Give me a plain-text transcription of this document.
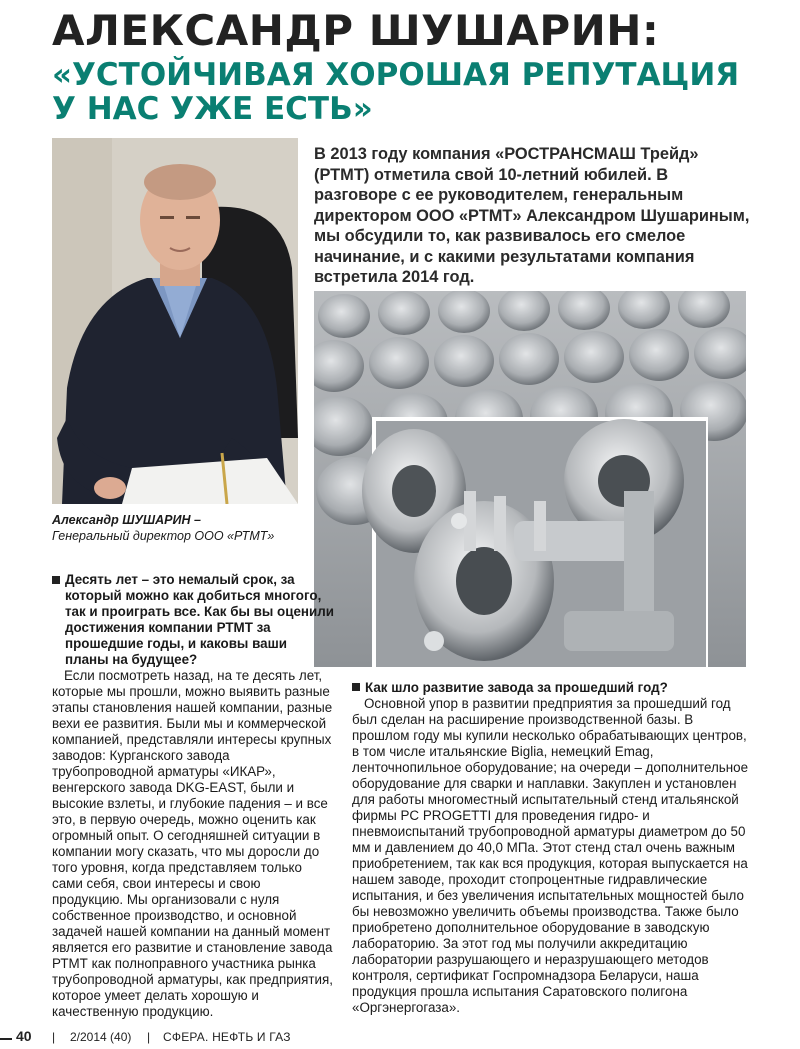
АЛЕКСАНДР ШУШАРИН:
«УСТОЙЧИВАЯ ХОРОШАЯ РЕПУТАЦИЯ
У НАС УЖЕ ЕСТЬ»

В 2013 году компания «РОСТРАНСМАШ Трейд» (РТМТ) отметила свой 10-летний юбилей. В разговоре с ее руководителем, генеральным директором ООО «РТМТ» Александром Шушариным, мы обсудили то, как развивалось его смелое начинание, и с какими результатами компания встретила 2014 год.

Александр ШУШАРИН –
Генеральный директор ООО «РТМТ»

Десять лет – это немалый срок, за который можно как добиться многого, так и проиграть все. Как бы вы оценили достижения компании РТМТ за прошедшие годы, и каковы ваши планы на будущее?

Если посмотреть назад, на те десять лет, которые мы прошли, можно выявить разные этапы становления нашей компании, разные вехи ее развития. Были мы и коммерческой компанией, представляли интересы крупных заводов: Курганского завода трубопроводной арматуры «ИКАР», венгерского завода DKG-EAST, были и высокие взлеты, и глубокие падения – и все это, в первую очередь, можно оценить как огромный опыт. О сегодняшней ситуации в компании могу сказать, что мы доросли до того уровня, когда представляем только сами себя, свои интересы и свою продукцию. Мы организовали с нуля собственное производство, и основной задачей нашей компании на данный момент является его развитие и становление завода РТМТ как полноправного участника рынка трубопроводной арматуры, как предприятия, которое умеет делать хорошую и качественную продукцию.

Как шло развитие завода за прошедший год?

Основной упор в развитии предприятия за прошедший год был сделан на расширение производственной базы. В прошлом году мы купили несколько обрабатывающих центров, в том числе итальянские Biglia, немецкий Emag, ленточнопильное оборудование; на очереди – дополнительное оборудование для сварки и наплавки. Закуплен и установлен для работы многоместный испытательный стенд итальянской фирмы PC PROGETTI для проведения гидро- и пневмоиспытаний трубопроводной арматуры диаметром до 50 мм и давлением до 40,0 МПа. Этот стенд стал очень важным приобретением, так как вся продукция, которая выпускается на нашем заводе, проходит стопроцентные гидравлические испытания, и без увеличения испытательных мощностей было бы невозможно увеличить объемы производства. Также было приобретено дополнительное оборудование в заводскую лабораторию. За этот год мы получили аккредитацию лаборатории разрушающего и неразрушающего методов контроля, сертификат Госпромнадзора Беларуси, наша продукция прошла испытания Саратовского полигона «Оргэнергогаза».

40 | 2/2014 (40) | СФЕРА. НЕФТЬ И ГАЗ
